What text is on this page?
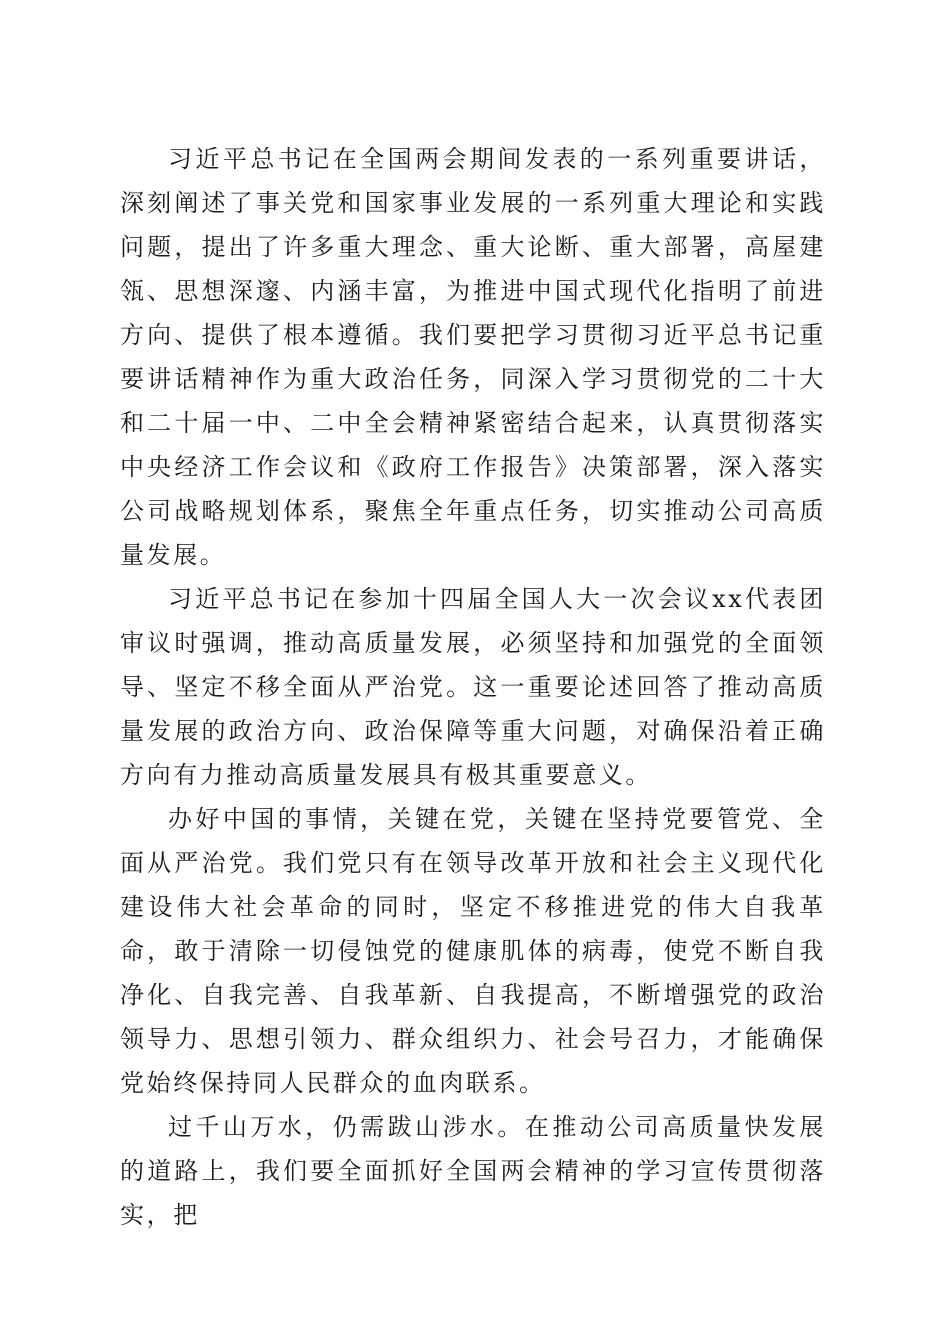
习近平总书记在全国两会期间发表的一系列重要讲话，深刻阐述了事关党和国家事业发展的一系列重大理论和实践问题，提出了许多重大理念、重大论断、重大部署，高屋建瓴、思想深邃、内涵丰富，为推进中国式现代化指明了前进方向、提供了根本遵循。我们要把学习贯彻习近平总书记重要讲话精神作为重大政治任务，同深入学习贯彻党的二十大和二十届一中、二中全会精神紧密结合起来，认真贯彻落实中央经济工作会议和《政府工作报告》决策部署，深入落实公司战略规划体系，聚焦全年重点任务，切实推动公司高质量发展。

习近平总书记在参加十四届全国人大一次会议xx代表团审议时强调，推动高质量发展，必须坚持和加强党的全面领导、坚定不移全面从严治党。这一重要论述回答了推动高质量发展的政治方向、政治保障等重大问题，对确保沿着正确方向有力推动高质量发展具有极其重要意义。

办好中国的事情，关键在党，关键在坚持党要管党、全面从严治党。我们党只有在领导改革开放和社会主义现代化建设伟大社会革命的同时，坚定不移推进党的伟大自我革命，敢于清除一切侵蚀党的健康肌体的病毒，使党不断自我净化、自我完善、自我革新、自我提高，不断增强党的政治领导力、思想引领力、群众组织力、社会号召力，才能确保党始终保持同人民群众的血肉联系。

过千山万水，仍需跋山涉水。在推动公司高质量快发展的道路上，我们要全面抓好全国两会精神的学习宣传贯彻落实，把
